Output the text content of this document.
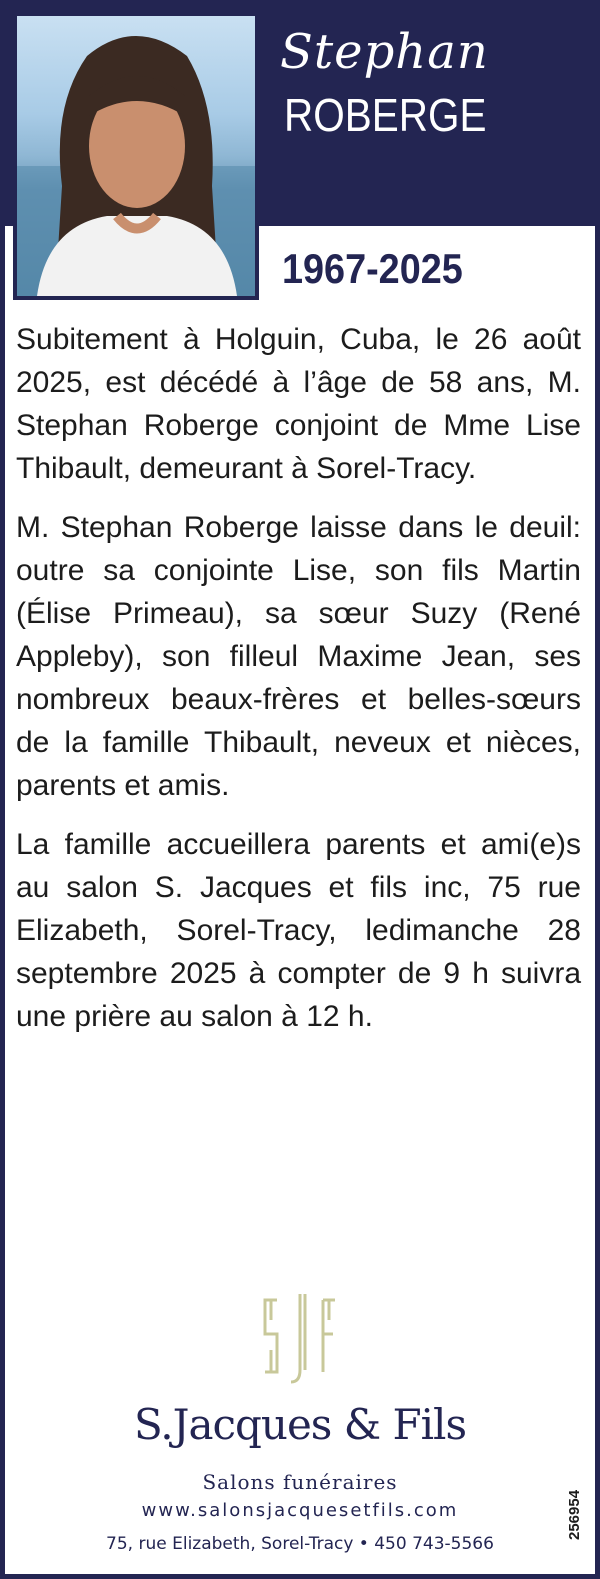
Stephan
ROBERGE
1967-2025

Subitement à Holguin, Cuba, le 26 août 2025, est décédé à l’âge de 58 ans, M. Stephan Roberge conjoint de Mme Lise Thibault, demeurant à Sorel-Tracy.

M. Stephan Roberge laisse dans le deuil: outre sa conjointe Lise, son fils Martin (Élise Primeau), sa sœur Suzy (René Appleby), son filleul Maxime Jean, ses nombreux beaux-frères et belles-sœurs de la famille Thibault, neveux et nièces, parents et amis.

La famille accueillera parents et ami(e)s au salon S. Jacques et fils inc, 75 rue Elizabeth, Sorel-Tracy, ledimanche 28 septembre 2025 à compter de 9 h suivra une prière au salon à 12 h.

S.Jacques & Fils
Salons funéraires
www.salonsjacquesetfils.com
75, rue Elizabeth, Sorel-Tracy • 450 743-5566
256954
